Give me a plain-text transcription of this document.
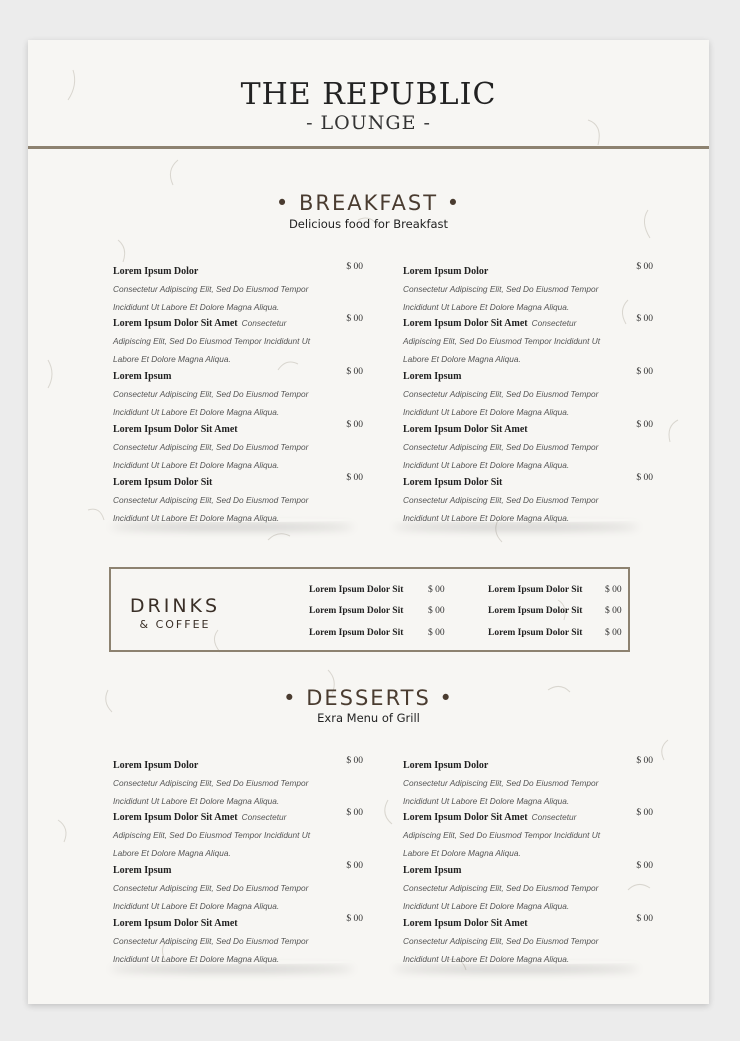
THE REPUBLIC
- LOUNGE -
• BREAKFAST •
Delicious food for Breakfast
Lorem Ipsum Dolor
Consectetur Adipiscing Elit, Sed Do Eiusmod Tempor
Incididunt Ut Labore Et Dolore Magna Aliqua.
$ 00
Lorem Ipsum Dolor Sit Amet Consectetur
Adipiscing Elit, Sed Do Eiusmod Tempor Incididunt Ut
Labore Et Dolore Magna Aliqua.
$ 00
Lorem Ipsum
Consectetur Adipiscing Elit, Sed Do Eiusmod Tempor
Incididunt Ut Labore Et Dolore Magna Aliqua.
$ 00
Lorem Ipsum Dolor Sit Amet
Consectetur Adipiscing Elit, Sed Do Eiusmod Tempor
Incididunt Ut Labore Et Dolore Magna Aliqua.
$ 00
Lorem Ipsum Dolor Sit
Consectetur Adipiscing Elit, Sed Do Eiusmod Tempor
Incididunt Ut Labore Et Dolore Magna Aliqua.
$ 00
Lorem Ipsum Dolor
Consectetur Adipiscing Elit, Sed Do Eiusmod Tempor
Incididunt Ut Labore Et Dolore Magna Aliqua.
$ 00
Lorem Ipsum Dolor Sit Amet Consectetur
Adipiscing Elit, Sed Do Eiusmod Tempor Incididunt Ut
Labore Et Dolore Magna Aliqua.
$ 00
Lorem Ipsum
Consectetur Adipiscing Elit, Sed Do Eiusmod Tempor
Incididunt Ut Labore Et Dolore Magna Aliqua.
$ 00
Lorem Ipsum Dolor Sit Amet
Consectetur Adipiscing Elit, Sed Do Eiusmod Tempor
Incididunt Ut Labore Et Dolore Magna Aliqua.
$ 00
Lorem Ipsum Dolor Sit
Consectetur Adipiscing Elit, Sed Do Eiusmod Tempor
Incididunt Ut Labore Et Dolore Magna Aliqua.
$ 00
DRINKS
& COFFEE
Lorem Ipsum Dolor Sit	$ 00
Lorem Ipsum Dolor Sit	$ 00
Lorem Ipsum Dolor Sit	$ 00
Lorem Ipsum Dolor Sit $ 00
Lorem Ipsum Dolor Sit $ 00
Lorem Ipsum Dolor Sit $ 00
• DESSERTS •
Exra Menu of Grill
Lorem Ipsum Dolor
Consectetur Adipiscing Elit, Sed Do Eiusmod Tempor
Incididunt Ut Labore Et Dolore Magna Aliqua.
$ 00
Lorem Ipsum Dolor Sit Amet Consectetur
Adipiscing Elit, Sed Do Eiusmod Tempor Incididunt Ut
Labore Et Dolore Magna Aliqua.
$ 00
Lorem Ipsum
Consectetur Adipiscing Elit, Sed Do Eiusmod Tempor
Incididunt Ut Labore Et Dolore Magna Aliqua.
$ 00
Lorem Ipsum Dolor Sit Amet
Consectetur Adipiscing Elit, Sed Do Eiusmod Tempor
Incididunt Ut Labore Et Dolore Magna Aliqua.
$ 00
Lorem Ipsum Dolor
Consectetur Adipiscing Elit, Sed Do Eiusmod Tempor
Incididunt Ut Labore Et Dolore Magna Aliqua.
$ 00
Lorem Ipsum Dolor Sit Amet Consectetur
Adipiscing Elit, Sed Do Eiusmod Tempor Incididunt Ut
Labore Et Dolore Magna Aliqua.
$ 00
Lorem Ipsum
Consectetur Adipiscing Elit, Sed Do Eiusmod Tempor
Incididunt Ut Labore Et Dolore Magna Aliqua.
$ 00
Lorem Ipsum Dolor Sit Amet
Consectetur Adipiscing Elit, Sed Do Eiusmod Tempor
Incididunt Ut Labore Et Dolore Magna Aliqua.
$ 00
